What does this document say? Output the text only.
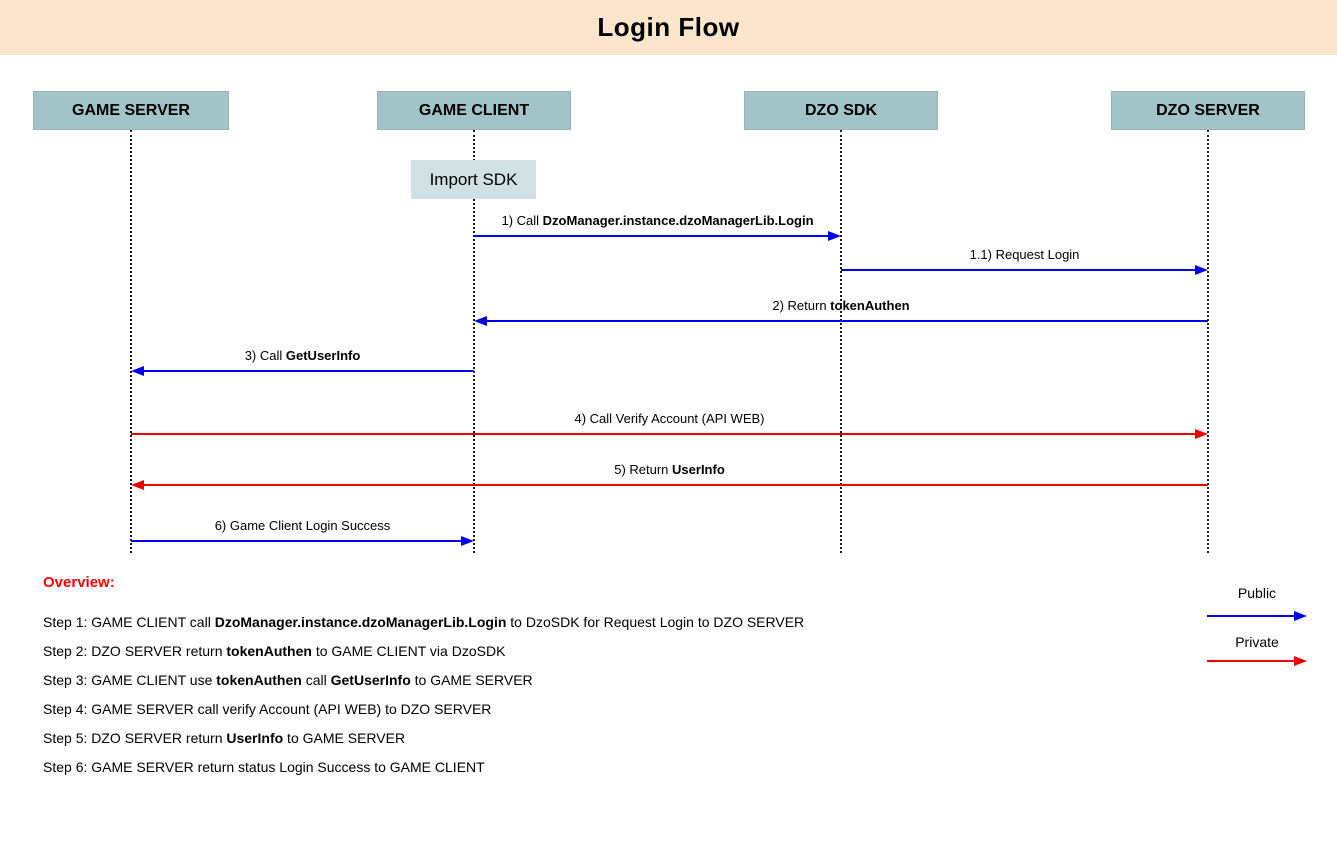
Login Flow
GAME SERVER	GAME CLIENT	DZO SDK	DZO SERVER
Import SDK
1) Call DzoManager.instance.dzoManagerLib.Login
1.1) Request Login
2) Return tokenAuthen
3) Call GetUserInfo
4) Call Verify Account (API WEB)
5) Return UserInfo
6) Game Client Login Success
Public
Private
Step 1: GAME CLIENT call DzoManager.instance.dzoManagerLib.Login to DzoSDK for Request Login to DZO SERVER
Step 2: DZO SERVER return tokenAuthen to GAME CLIENT via DzoSDK
Step 3: GAME CLIENT use tokenAuthen call GetUserInfo to GAME SERVER
Step 4: GAME SERVER call verify Account (API WEB) to DZO SERVER
Step 5: DZO SERVER return UserInfo to GAME SERVER
Step 6: GAME SERVER return status Login Success to GAME CLIENT
Overview:
